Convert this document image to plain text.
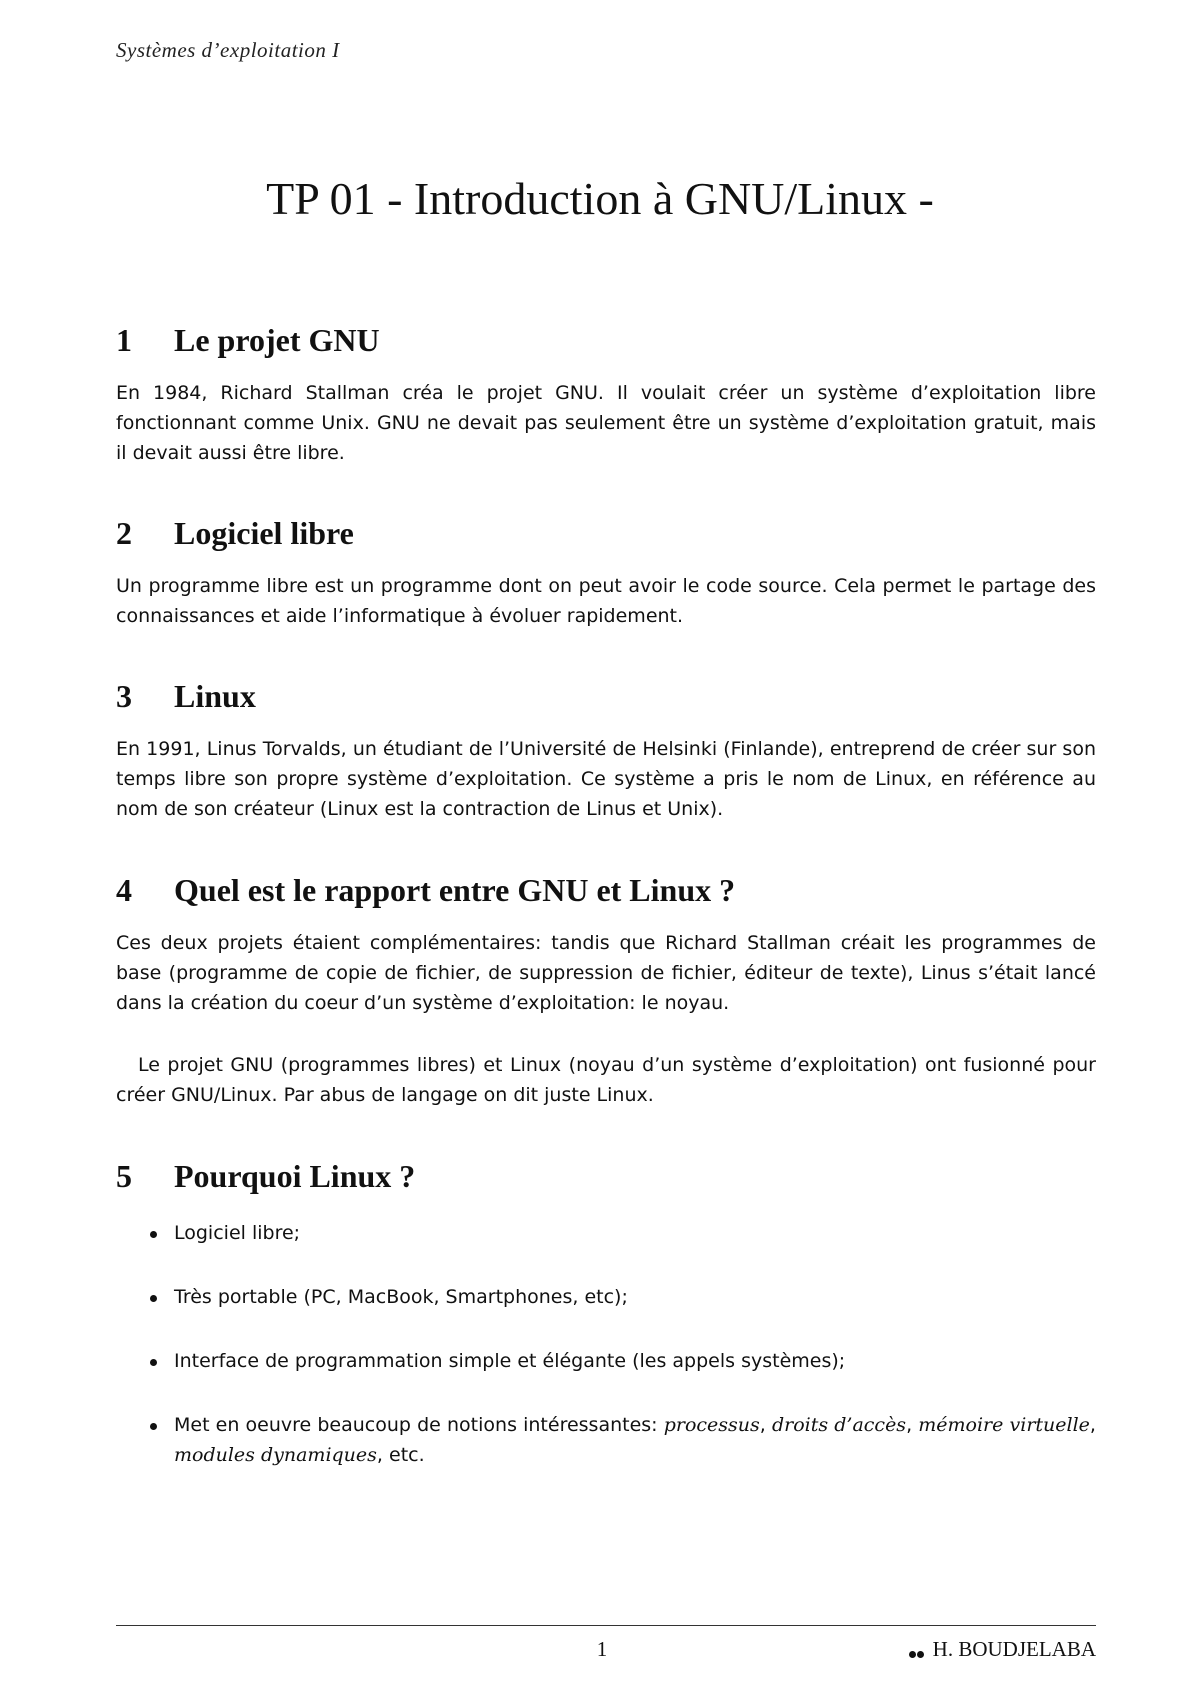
Systèmes d’exploitation I
TP 01 - Introduction à GNU/Linux -
1 Le projet GNU

En 1984, Richard Stallman créa le projet GNU. Il voulait créer un système d’exploitation libre fonctionnant comme Unix. GNU ne devait pas seulement être un système d’exploitation gratuit, mais il devait aussi être libre.

2 Logiciel libre

Un programme libre est un programme dont on peut avoir le code source. Cela permet le partage des connaissances et aide l’informatique à évoluer rapidement.

3 Linux

En 1991, Linus Torvalds, un étudiant de l’Université de Helsinki (Finlande), entreprend de créer sur son temps libre son propre système d’exploitation. Ce système a pris le nom de Linux, en référence au nom de son créateur (Linux est la contraction de Linus et Unix).

4 Quel est le rapport entre GNU et Linux ?

Ces deux projets étaient complémentaires: tandis que Richard Stallman créait les programmes de base (programme de copie de fichier, de suppression de fichier, éditeur de texte), Linus s’était lancé dans la création du coeur d’un système d’exploitation: le noyau.

Le projet GNU (programmes libres) et Linux (noyau d’un système d’exploitation) ont fusionné pour créer GNU/Linux. Par abus de langage on dit juste Linux.

5 Pourquoi Linux ?
Logiciel libre;
Très portable (PC, MacBook, Smartphones, etc);
Interface de programmation simple et élégante (les appels systèmes);
Met en oeuvre beaucoup de notions intéressantes: processus, droits d’accès, mémoire virtuelle, modules dynamiques, etc.
1	H. BOUDJELABA
